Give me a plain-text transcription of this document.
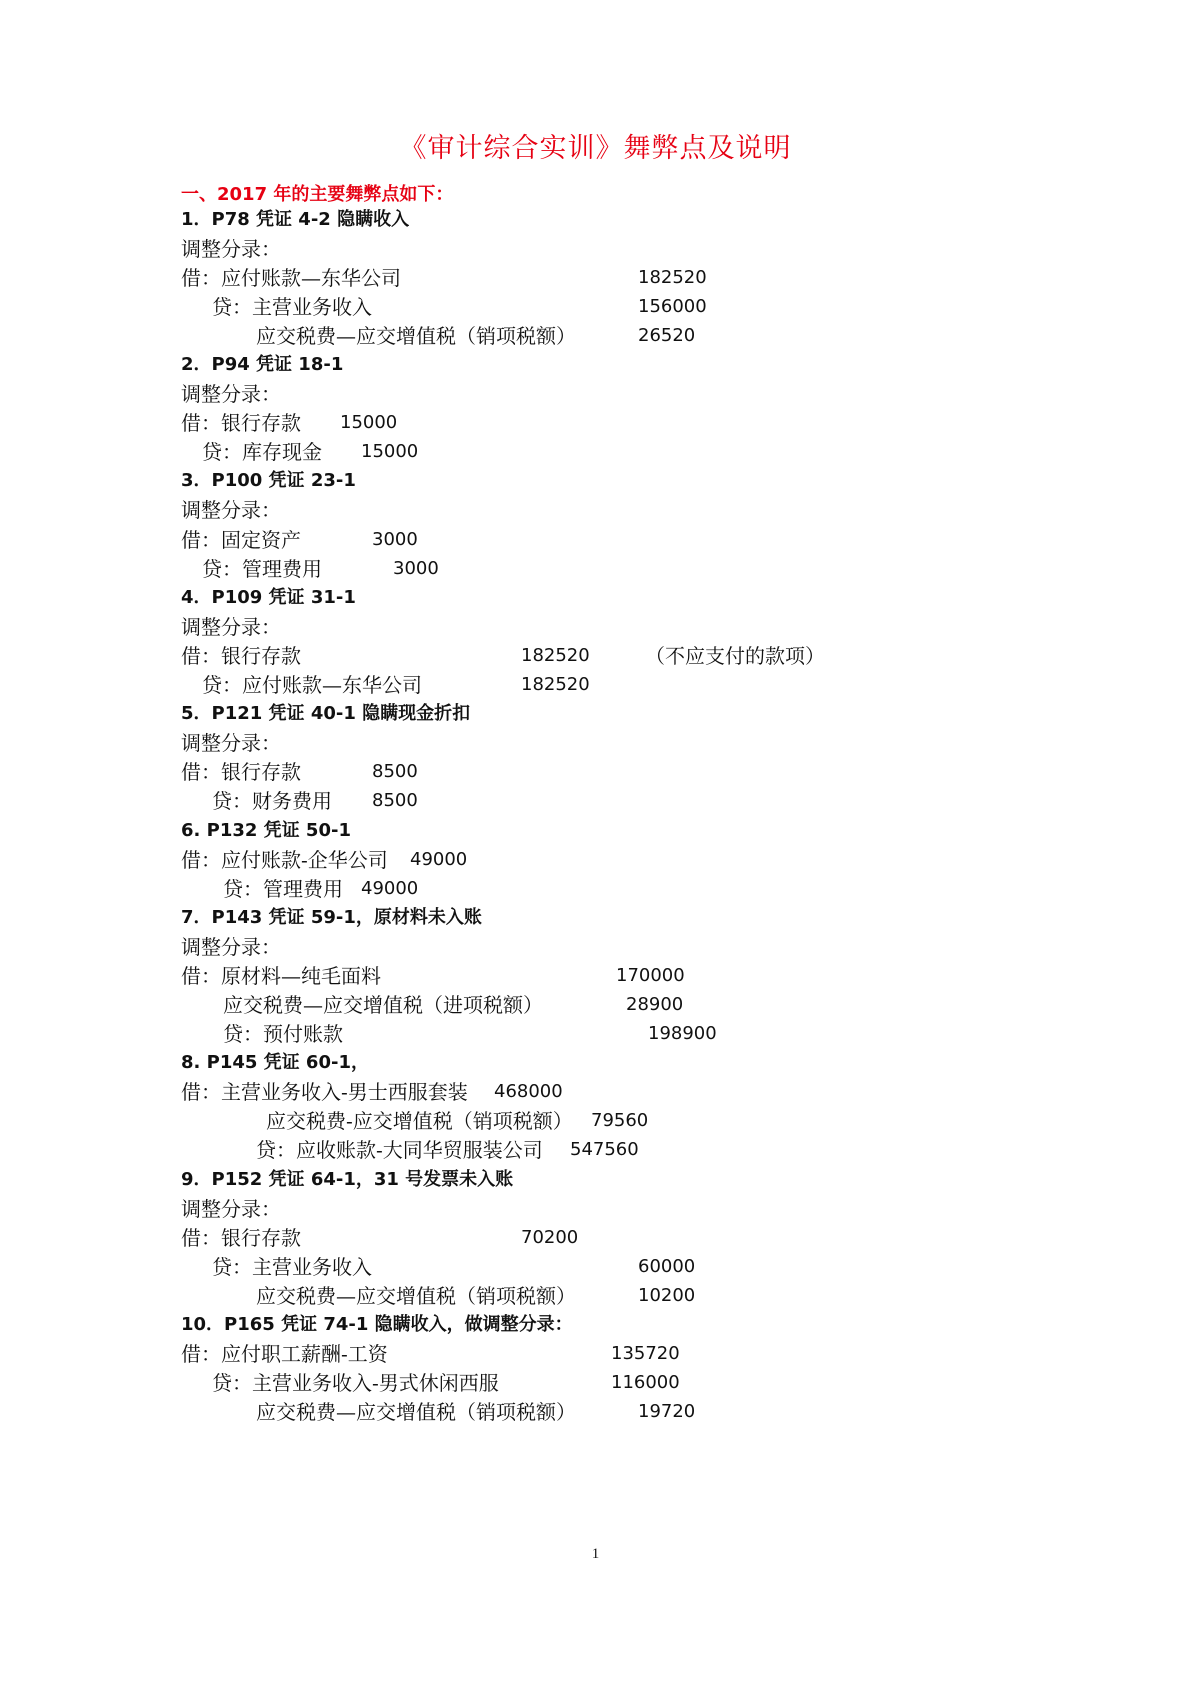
《审计综合实训》舞弊点及说明
一、2017 年的主要舞弊点如下：
1．P78 凭证 4-2 隐瞒收入
调整分录：
借：应付账款—东华公司	182520
贷：主营业务收入	156000
应交税费—应交增值税（销项税额）	26520
2．P94 凭证 18-1
调整分录：
借：银行存款 15000
贷：库存现金 15000
3．P100 凭证 23-1
调整分录：
借：固定资产	3000
贷：管理费用	3000
4．P109 凭证 31-1
调整分录：
借：银行存款	182520	（不应支付的款项）
贷：应付账款—东华公司	182520
5．P121 凭证 40-1 隐瞒现金折扣
调整分录：
借：银行存款	8500
贷：财务费用 8500
6. P132 凭证 50-1
借：应付账款-企华公司 49000
贷：管理费用 49000
7．P143 凭证 59-1，原材料未入账
调整分录：
借：原材料—纯毛面料	170000
应交税费—应交增值税（进项税额）	28900
贷：预付账款	198900
8. P145 凭证 60-1，
借：主营业务收入-男士西服套装 468000
应交税费-应交增值税（销项税额） 79560
贷：应收账款-大同华贸服装公司 547560
9．P152 凭证 64-1，31 号发票未入账
调整分录：
借：银行存款	70200
贷：主营业务收入	60000
应交税费—应交增值税（销项税额）	10200
10．P165 凭证 74-1 隐瞒收入，做调整分录：
借：应付职工薪酬-工资	135720
贷：主营业务收入-男式休闲西服	116000
应交税费—应交增值税（销项税额）	19720
1
